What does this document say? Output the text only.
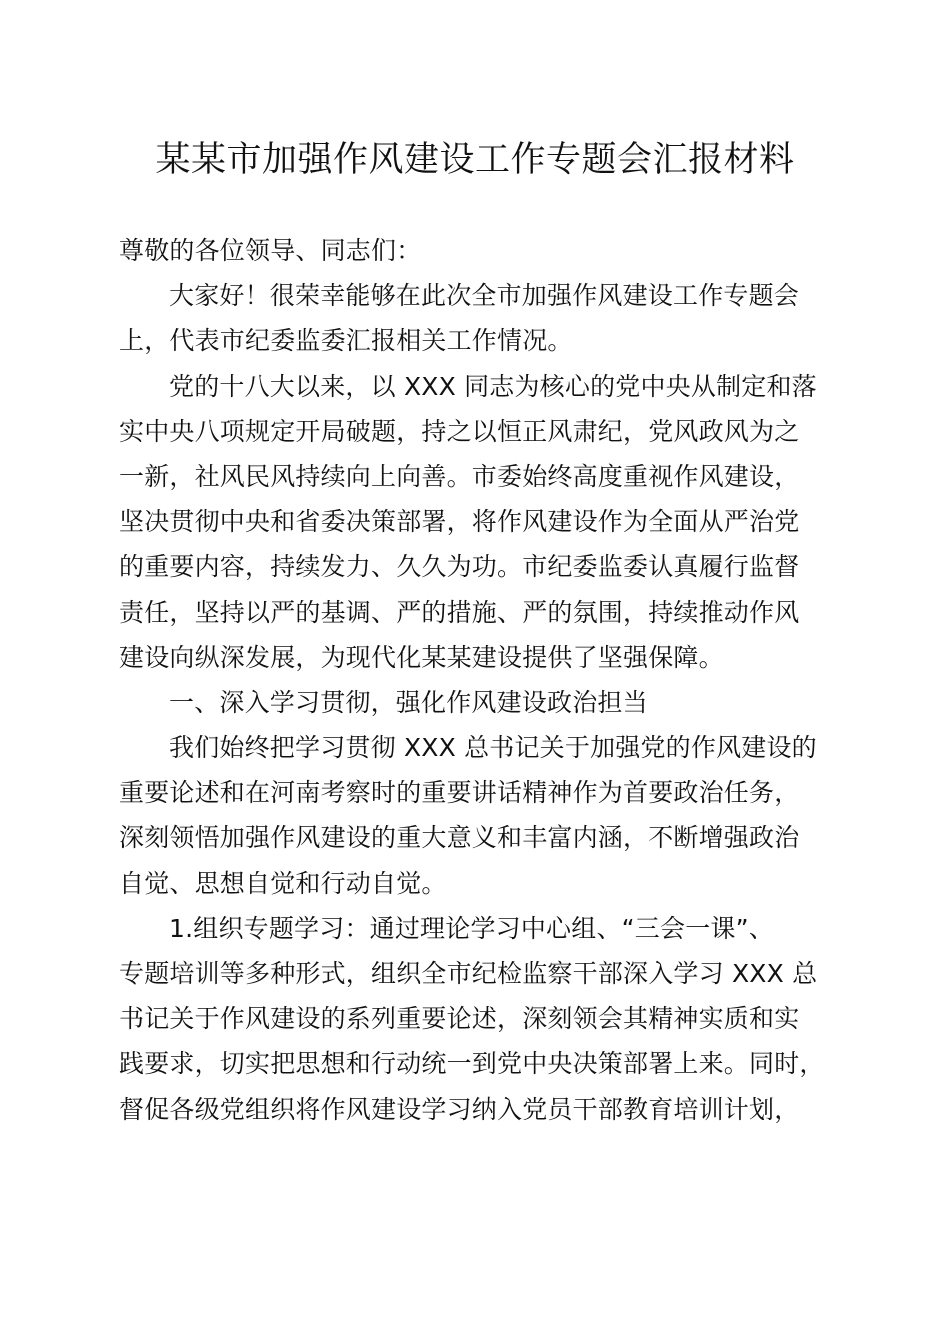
某某市加强作风建设工作专题会汇报材料
尊敬的各位领导、同志们：
大家好！很荣幸能够在此次全市加强作风建设工作专题会
上，代表市纪委监委汇报相关工作情况。
党的十八大以来，以 XXX 同志为核心的党中央从制定和落
实中央八项规定开局破题，持之以恒正风肃纪，党风政风为之
一新，社风民风持续向上向善。市委始终高度重视作风建设，
坚决贯彻中央和省委决策部署，将作风建设作为全面从严治党
的重要内容，持续发力、久久为功。市纪委监委认真履行监督
责任，坚持以严的基调、严的措施、严的氛围，持续推动作风
建设向纵深发展，为现代化某某建设提供了坚强保障。
一、深入学习贯彻，强化作风建设政治担当
我们始终把学习贯彻 XXX 总书记关于加强党的作风建设的
重要论述和在河南考察时的重要讲话精神作为首要政治任务，
深刻领悟加强作风建设的重大意义和丰富内涵，不断增强政治
自觉、思想自觉和行动自觉。
1.组织专题学习：通过理论学习中心组、“三会一课”、
专题培训等多种形式，组织全市纪检监察干部深入学习 XXX 总
书记关于作风建设的系列重要论述，深刻领会其精神实质和实
践要求，切实把思想和行动统一到党中央决策部署上来。同时，
督促各级党组织将作风建设学习纳入党员干部教育培训计划，
